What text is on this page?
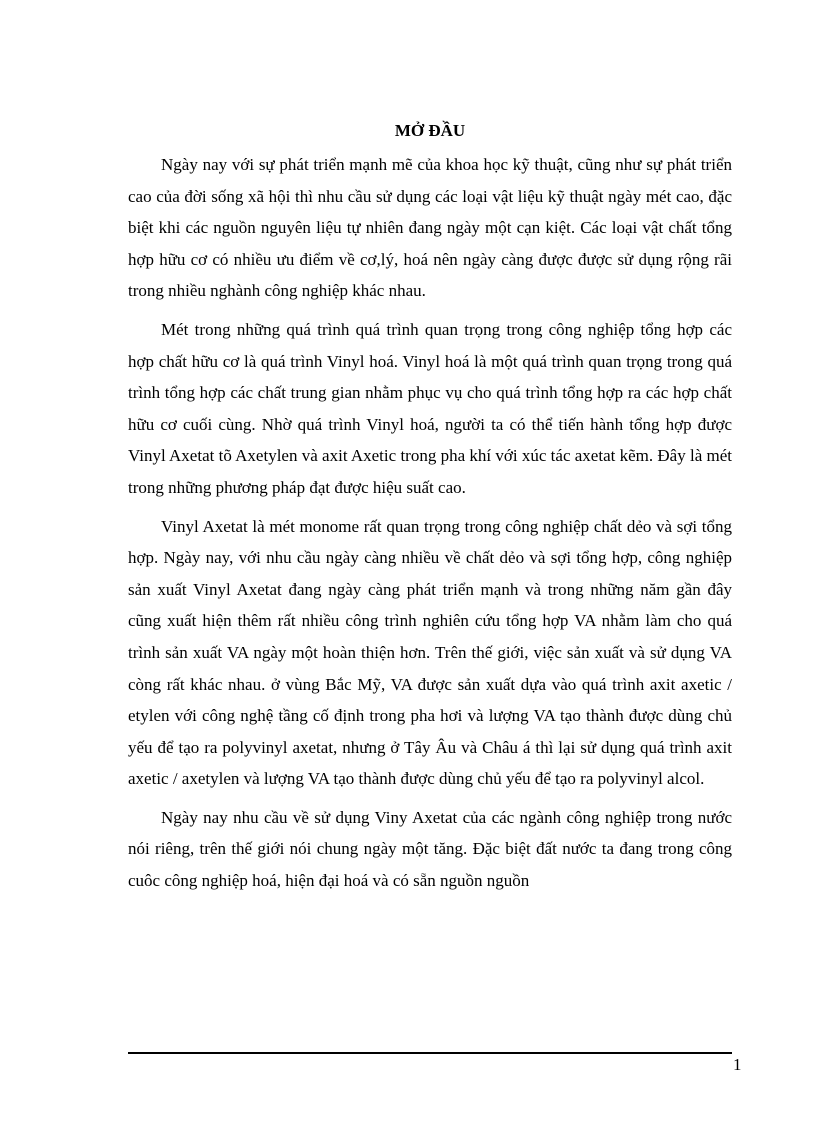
MỞ ĐẦU

Ngày nay với sự phát triển mạnh mẽ của khoa học kỹ thuật, cũng như sự phát triển cao của đời sống xã hội thì nhu cầu sử dụng các loại vật liệu kỹ thuật ngày mét cao, đặc biệt khi các nguồn nguyên liệu tự nhiên đang ngày một cạn kiệt. Các loại vật chất tổng hợp hữu cơ có nhiều ưu điểm về cơ,lý, hoá nên ngày càng được được sử dụng rộng rãi trong nhiều nghành công nghiệp khác nhau.

Mét trong những quá trình quá trình quan trọng trong công nghiệp tổng hợp các hợp chất hữu cơ là quá trình Vinyl hoá. Vinyl hoá là một quá trình quan trọng trong quá trình tổng hợp các chất trung gian nhằm phục vụ cho quá trình tổng hợp ra các hợp chất hữu cơ cuối cùng. Nhờ quá trình Vinyl hoá, người ta có thể tiến hành tổng hợp được Vinyl Axetat tõ Axetylen và axit Axetic trong pha khí với xúc tác axetat kẽm. Đây là mét trong những phương pháp đạt được hiệu suất cao.

Vinyl Axetat là mét monome rất quan trọng trong công nghiệp chất dẻo và sợi tổng hợp. Ngày nay, với nhu cầu ngày càng nhiều về chất dẻo và sợi tổng hợp, công nghiệp sản xuất Vinyl Axetat đang ngày càng phát triển mạnh và trong những năm gần đây cũng xuất hiện thêm rất nhiều công trình nghiên cứu tổng hợp VA nhằm làm cho quá trình sản xuất VA ngày một hoàn thiện hơn. Trên thế giới, việc sản xuất và sử dụng VA còng rất khác nhau. ở vùng Bắc Mỹ, VA được sản xuất dựa vào quá trình axit axetic / etylen với công nghệ tầng cố định trong pha hơi và lượng VA tạo thành được dùng chủ yếu để tạo ra polyvinyl axetat, nhưng ở Tây Âu và Châu á thì lại sử dụng quá trình axit axetic / axetylen và lượng VA tạo thành được dùng chủ yếu để tạo ra polyvinyl alcol.

Ngày nay nhu cầu về sử dụng Viny Axetat của các ngành công nghiệp trong nước nói riêng, trên thế giới nói chung ngày một tăng. Đặc biệt đất nước ta đang trong công cuôc công nghiệp hoá, hiện đại hoá và có sẵn nguồn nguồn

1
